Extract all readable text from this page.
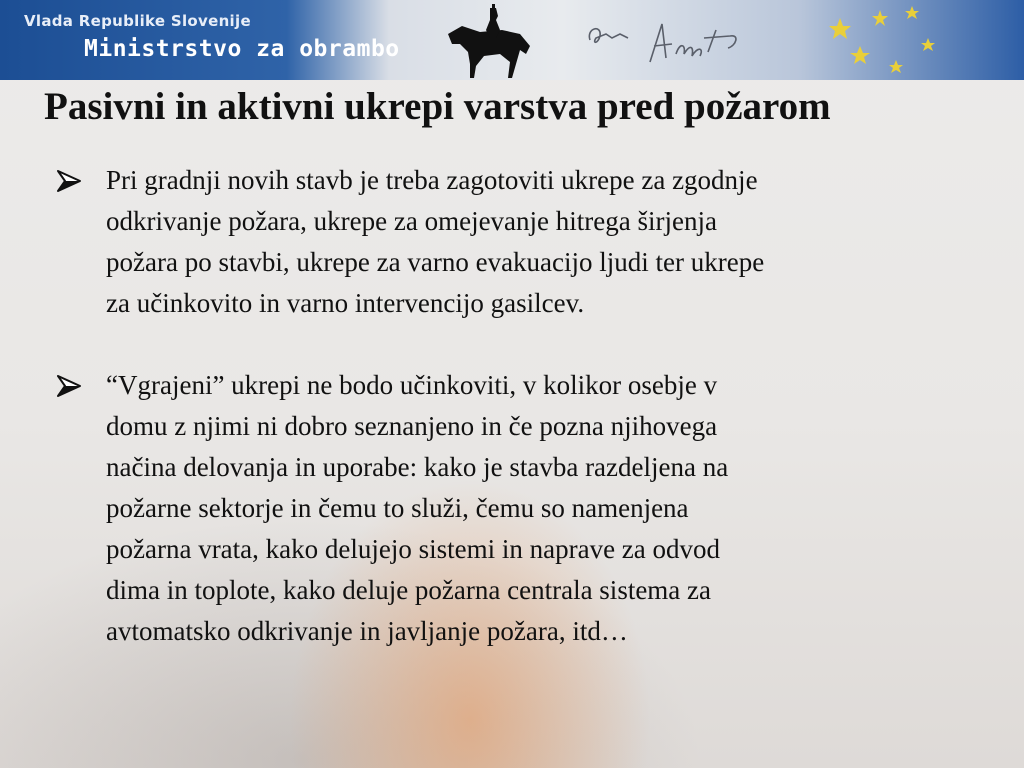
Vlada Republike Slovenije
Ministrstvo za obrambo
Pasivni in aktivni ukrepi varstva pred požarom
Pri gradnji novih stavb je treba zagotoviti ukrepe za zgodnje
odkrivanje požara, ukrepe za omejevanje hitrega širjenja
požara po stavbi, ukrepe za varno evakuacijo ljudi ter ukrepe
za učinkovito in varno intervencijo gasilcev.
“Vgrajeni” ukrepi ne bodo učinkoviti, v kolikor osebje v
domu z njimi ni dobro seznanjeno in če pozna njihovega
načina delovanja in uporabe: kako je stavba razdeljena na
požarne sektorje in čemu to služi, čemu so namenjena
požarna vrata, kako delujejo sistemi in naprave za odvod
dima in toplote, kako deluje požarna centrala sistema za
avtomatsko odkrivanje in javljanje požara, itd…
